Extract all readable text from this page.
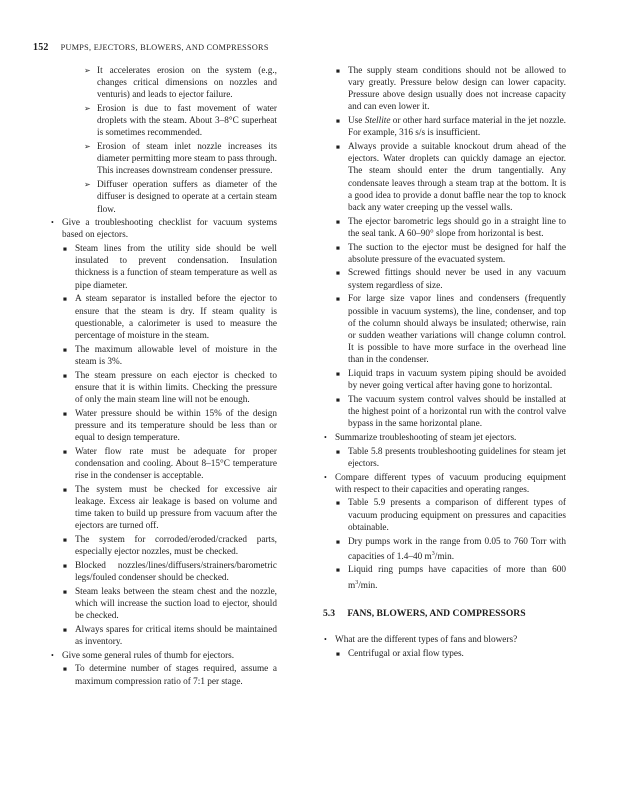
152 PUMPS, EJECTORS, BLOWERS, AND COMPRESSORS
➢ It accelerates erosion on the system (e.g., changes critical dimensions on nozzles and venturis) and leads to ejector failure.
➢ Erosion is due to fast movement of water droplets with the steam. About 3–8°C superheat is sometimes recommended.
➢ Erosion of steam inlet nozzle increases its diameter permitting more steam to pass through. This increases downstream condenser pressure.
➢ Diffuser operation suffers as diameter of the diffuser is designed to operate at a certain steam flow.
• Give a troubleshooting checklist for vacuum systems based on ejectors.
■ Steam lines from the utility side should be well insulated to prevent condensation. Insulation thickness is a function of steam temperature as well as pipe diameter.
■ A steam separator is installed before the ejector to ensure that the steam is dry. If steam quality is questionable, a calorimeter is used to measure the percentage of moisture in the steam.
■ The maximum allowable level of moisture in the steam is 3%.
■ The steam pressure on each ejector is checked to ensure that it is within limits. Checking the pressure of only the main steam line will not be enough.
■ Water pressure should be within 15% of the design pressure and its temperature should be less than or equal to design temperature.
■ Water flow rate must be adequate for proper condensation and cooling. About 8–15°C temperature rise in the condenser is acceptable.
■ The system must be checked for excessive air leakage. Excess air leakage is based on volume and time taken to build up pressure from vacuum after the ejectors are turned off.
■ The system for corroded/eroded/cracked parts, especially ejector nozzles, must be checked.
■ Blocked nozzles/lines/diffusers/strainers/barometric legs/fouled condenser should be checked.
■ Steam leaks between the steam chest and the nozzle, which will increase the suction load to ejector, should be checked.
■ Always spares for critical items should be maintained as inventory.
• Give some general rules of thumb for ejectors.
■ To determine number of stages required, assume a maximum compression ratio of 7:1 per stage.
■ The supply steam conditions should not be allowed to vary greatly. Pressure below design can lower capacity. Pressure above design usually does not increase capacity and can even lower it.
■ Use Stellite or other hard surface material in the jet nozzle. For example, 316 s/s is insufficient.
■ Always provide a suitable knockout drum ahead of the ejectors. Water droplets can quickly damage an ejector. The steam should enter the drum tangentially. Any condensate leaves through a steam trap at the bottom. It is a good idea to provide a donut baffle near the top to knock back any water creeping up the vessel walls.
■ The ejector barometric legs should go in a straight line to the seal tank. A 60–90° slope from horizontal is best.
■ The suction to the ejector must be designed for half the absolute pressure of the evacuated system.
■ Screwed fittings should never be used in any vacuum system regardless of size.
■ For large size vapor lines and condensers (frequently possible in vacuum systems), the line, condenser, and top of the column should always be insulated; otherwise, rain or sudden weather variations will change column control. It is possible to have more surface in the overhead line than in the condenser.
■ Liquid traps in vacuum system piping should be avoided by never going vertical after having gone to horizontal.
■ The vacuum system control valves should be installed at the highest point of a horizontal run with the control valve bypass in the same horizontal plane.
• Summarize troubleshooting of steam jet ejectors.
■ Table 5.8 presents troubleshooting guidelines for steam jet ejectors.
• Compare different types of vacuum producing equipment with respect to their capacities and operating ranges.
■ Table 5.9 presents a comparison of different types of vacuum producing equipment on pressures and capacities obtainable.
■ Dry pumps work in the range from 0.05 to 760 Torr with capacities of 1.4–40 $m^3/\min$.
■ Liquid ring pumps have capacities of more than 600 $m^3/\min$.
5.3 FANS, BLOWERS, AND COMPRESSORS
• What are the different types of fans and blowers?
■ Centrifugal or axial flow types.
